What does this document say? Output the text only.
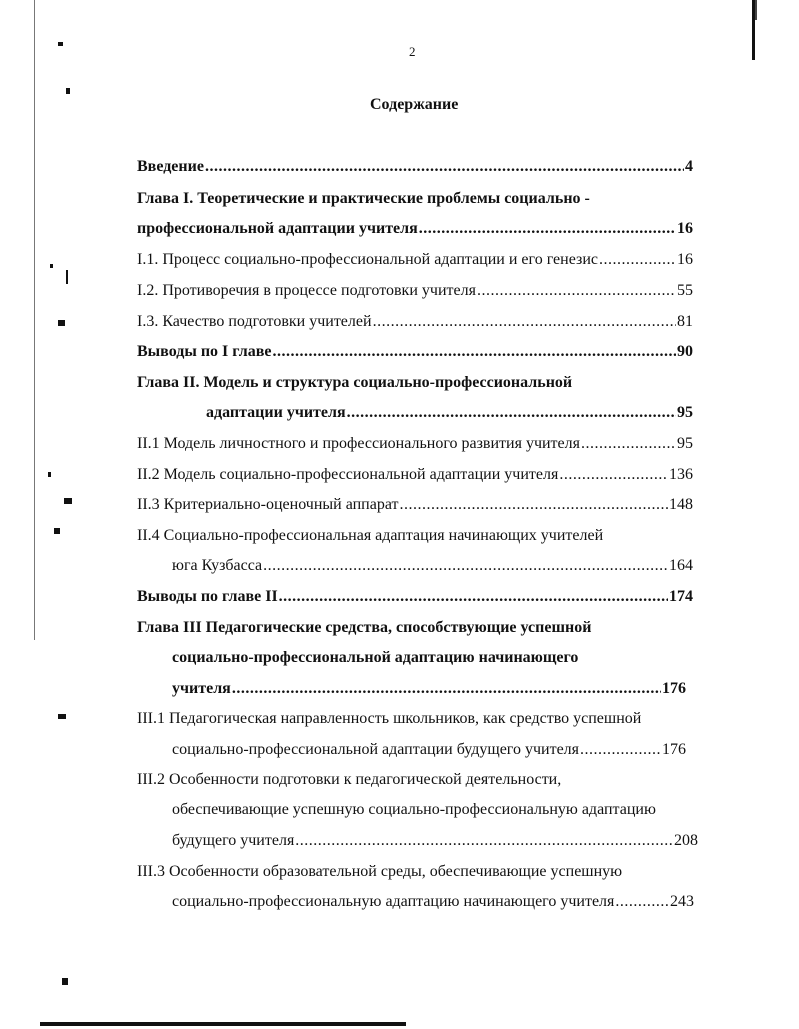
2
Содержание
Введение .....	4
Глава I. Теоретические и практические проблемы социально -
профессиональной адаптации учителя .....	16
I.1. Процесс социально-профессиональной адаптации и его генезис .....	16
I.2. Противоречия в процессе подготовки учителя .....	55
I.3. Качество подготовки учителей .....	81
Выводы по I главе .....	90
Глава II. Модель и структура социально-профессиональной
адаптации учителя .....	95
II.1 Модель личностного и профессионального развития учителя .....	95
II.2 Модель социально-профессиональной адаптации учителя .....	136
II.3 Критериально-оценочный аппарат .....	148
II.4 Социально-профессиональная адаптация начинающих учителей
юга Кузбасса .....	164
Выводы по главе II .....	174
Глава III Педагогические средства, способствующие успешной
социально-профессиональной адаптацию начинающего
учителя .....	176
III.1 Педагогическая направленность школьников, как средство успешной
социально-профессиональной адаптации будущего учителя .....	176
III.2 Особенности подготовки к педагогической деятельности,
обеспечивающие успешную социально-профессиональную адаптацию
будущего учителя .....	208
III.3 Особенности образовательной среды, обеспечивающие успешную
социально-профессиональную адаптацию начинающего учителя .....	243
